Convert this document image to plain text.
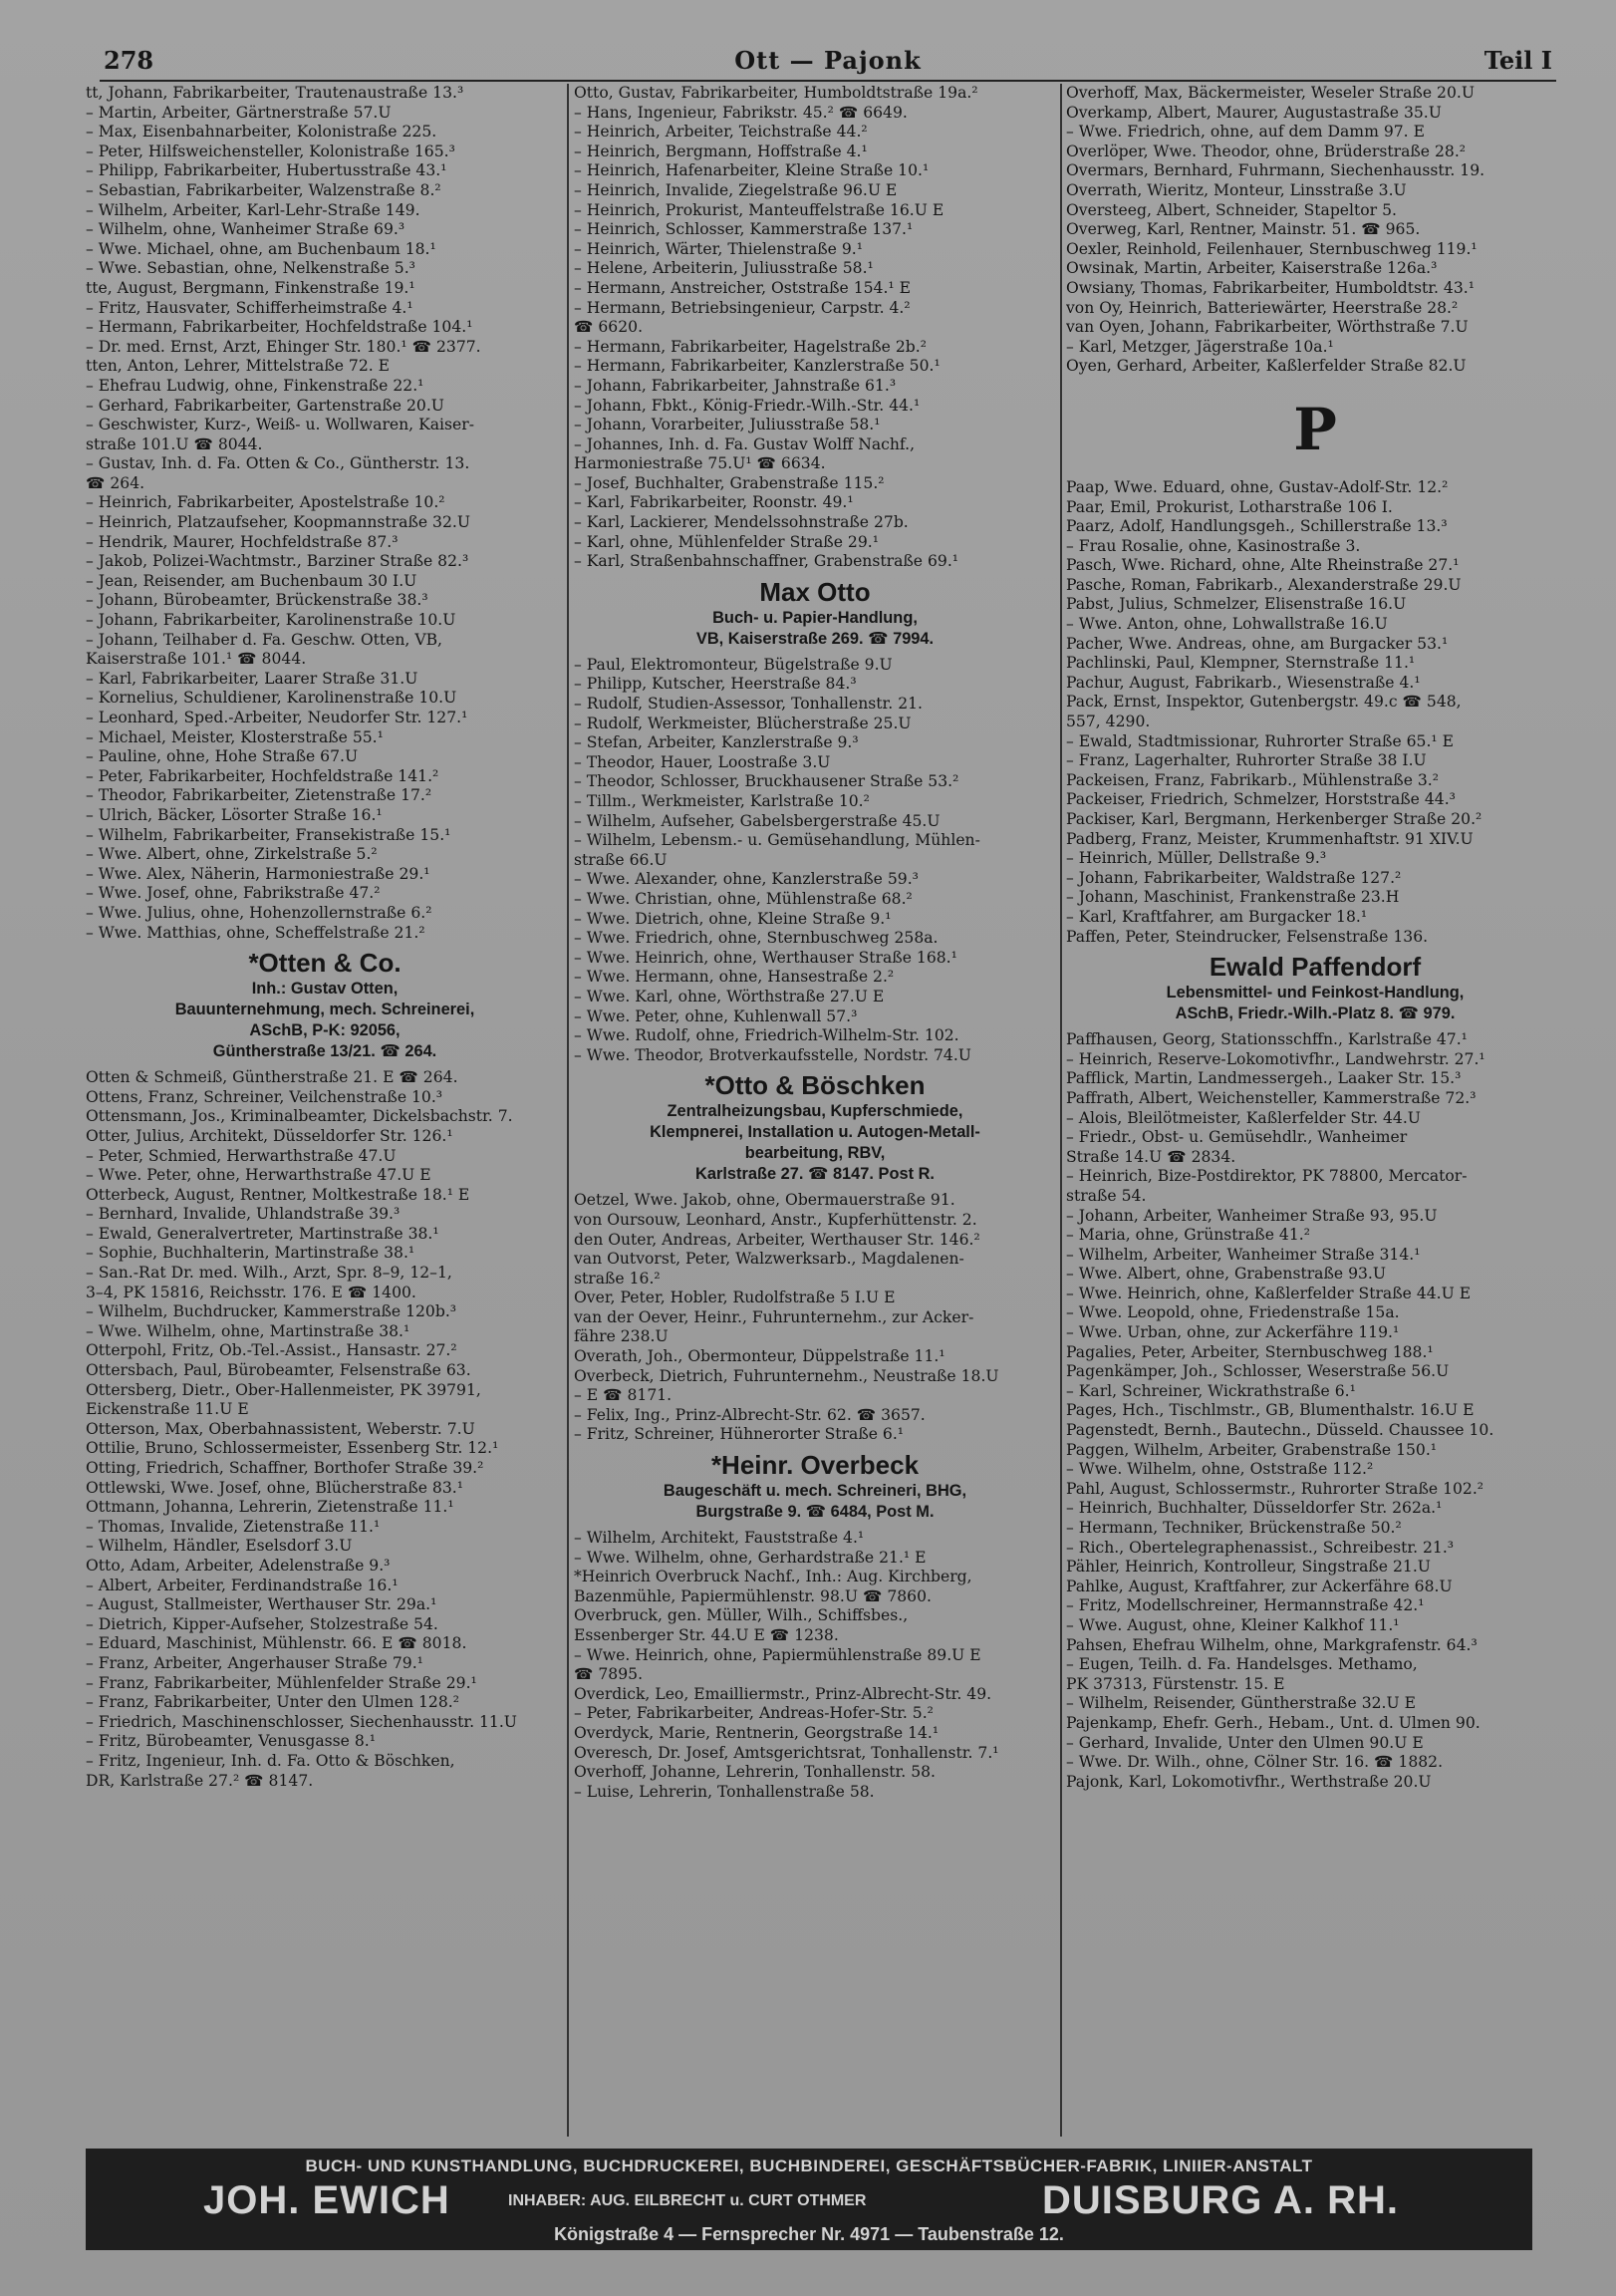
278	Ott — Pajonk	Teil I
tt, Johann, Fabrikarbeiter, Trautenaustraße 13.³
– Martin, Arbeiter, Gärtnerstraße 57.U
– Max, Eisenbahnarbeiter, Kolonistraße 225.
– Peter, Hilfsweichensteller, Kolonistraße 165.³
– Philipp, Fabrikarbeiter, Hubertusstraße 43.¹
– Sebastian, Fabrikarbeiter, Walzenstraße 8.²
– Wilhelm, Arbeiter, Karl-Lehr-Straße 149.
– Wilhelm, ohne, Wanheimer Straße 69.³
– Wwe. Michael, ohne, am Buchenbaum 18.¹
– Wwe. Sebastian, ohne, Nelkenstraße 5.³
tte, August, Bergmann, Finkenstraße 19.¹
– Fritz, Hausvater, Schifferheimstraße 4.¹
– Hermann, Fabrikarbeiter, Hochfeldstraße 104.¹
– Dr. med. Ernst, Arzt, Ehinger Str. 180.¹ ☎ 2377.
tten, Anton, Lehrer, Mittelstraße 72. E
– Ehefrau Ludwig, ohne, Finkenstraße 22.¹
– Gerhard, Fabrikarbeiter, Gartenstraße 20.U
– Geschwister, Kurz-, Weiß- u. Wollwaren, Kaiser-
straße 101.U ☎ 8044.
– Gustav, Inh. d. Fa. Otten & Co., Güntherstr. 13.
☎ 264.
– Heinrich, Fabrikarbeiter, Apostelstraße 10.²
– Heinrich, Platzaufseher, Koopmannstraße 32.U
– Hendrik, Maurer, Hochfeldstraße 87.³
– Jakob, Polizei-Wachtmstr., Barziner Straße 82.³
– Jean, Reisender, am Buchenbaum 30 I.U
– Johann, Bürobeamter, Brückenstraße 38.³
– Johann, Fabrikarbeiter, Karolinenstraße 10.U
– Johann, Teilhaber d. Fa. Geschw. Otten, VB,
Kaiserstraße 101.¹ ☎ 8044.
– Karl, Fabrikarbeiter, Laarer Straße 31.U
– Kornelius, Schuldiener, Karolinenstraße 10.U
– Leonhard, Sped.-Arbeiter, Neudorfer Str. 127.¹
– Michael, Meister, Klosterstraße 55.¹
– Pauline, ohne, Hohe Straße 67.U
– Peter, Fabrikarbeiter, Hochfeldstraße 141.²
– Theodor, Fabrikarbeiter, Zietenstraße 17.²
– Ulrich, Bäcker, Lösorter Straße 16.¹
– Wilhelm, Fabrikarbeiter, Fransekistraße 15.¹
– Wwe. Albert, ohne, Zirkelstraße 5.²
– Wwe. Alex, Näherin, Harmoniestraße 29.¹
– Wwe. Josef, ohne, Fabrikstraße 47.²
– Wwe. Julius, ohne, Hohenzollernstraße 6.²
– Wwe. Matthias, ohne, Scheffelstraße 21.²
*Otten & Co.
Inh.: Gustav Otten,
Bauunternehmung, mech. Schreinerei,
ASchB, P-K: 92056,
Güntherstraße 13/21. ☎ 264.
Otten & Schmeiß, Güntherstraße 21. E ☎ 264.
Ottens, Franz, Schreiner, Veilchenstraße 10.³
Ottensmann, Jos., Kriminalbeamter, Dickelsbachstr. 7.
Otter, Julius, Architekt, Düsseldorfer Str. 126.¹
– Peter, Schmied, Herwarthstraße 47.U
– Wwe. Peter, ohne, Herwarthstraße 47.U E
Otterbeck, August, Rentner, Moltkestraße 18.¹ E
– Bernhard, Invalide, Uhlandstraße 39.³
– Ewald, Generalvertreter, Martinstraße 38.¹
– Sophie, Buchhalterin, Martinstraße 38.¹
– San.-Rat Dr. med. Wilh., Arzt, Spr. 8–9, 12–1,
3–4, PK 15816, Reichsstr. 176. E ☎ 1400.
– Wilhelm, Buchdrucker, Kammerstraße 120b.³
– Wwe. Wilhelm, ohne, Martinstraße 38.¹
Otterpohl, Fritz, Ob.-Tel.-Assist., Hansastr. 27.²
Ottersbach, Paul, Bürobeamter, Felsenstraße 63.
Ottersberg, Dietr., Ober-Hallenmeister, PK 39791,
Eickenstraße 11.U E
Otterson, Max, Oberbahnassistent, Weberstr. 7.U
Ottilie, Bruno, Schlossermeister, Essenberg Str. 12.¹
Otting, Friedrich, Schaffner, Borthofer Straße 39.²
Ottlewski, Wwe. Josef, ohne, Blücherstraße 83.¹
Ottmann, Johanna, Lehrerin, Zietenstraße 11.¹
– Thomas, Invalide, Zietenstraße 11.¹
– Wilhelm, Händler, Eselsdorf 3.U
Otto, Adam, Arbeiter, Adelenstraße 9.³
– Albert, Arbeiter, Ferdinandstraße 16.¹
– August, Stallmeister, Werthauser Str. 29a.¹
– Dietrich, Kipper-Aufseher, Stolzestraße 54.
– Eduard, Maschinist, Mühlenstr. 66. E ☎ 8018.
– Franz, Arbeiter, Angerhauser Straße 79.¹
– Franz, Fabrikarbeiter, Mühlenfelder Straße 29.¹
– Franz, Fabrikarbeiter, Unter den Ulmen 128.²
– Friedrich, Maschinenschlosser, Siechenhausstr. 11.U
– Fritz, Bürobeamter, Venusgasse 8.¹
– Fritz, Ingenieur, Inh. d. Fa. Otto & Böschken,
DR, Karlstraße 27.² ☎ 8147.
Otto, Gustav, Fabrikarbeiter, Humboldtstraße 19a.²
– Hans, Ingenieur, Fabrikstr. 45.² ☎ 6649.
– Heinrich, Arbeiter, Teichstraße 44.²
– Heinrich, Bergmann, Hoffstraße 4.¹
– Heinrich, Hafenarbeiter, Kleine Straße 10.¹
– Heinrich, Invalide, Ziegelstraße 96.U E
– Heinrich, Prokurist, Manteuffelstraße 16.U E
– Heinrich, Schlosser, Kammerstraße 137.¹
– Heinrich, Wärter, Thielenstraße 9.¹
– Helene, Arbeiterin, Juliusstraße 58.¹
– Hermann, Anstreicher, Oststraße 154.¹ E
– Hermann, Betriebsingenieur, Carpstr. 4.²
☎ 6620.
– Hermann, Fabrikarbeiter, Hagelstraße 2b.²
– Hermann, Fabrikarbeiter, Kanzlerstraße 50.¹
– Johann, Fabrikarbeiter, Jahnstraße 61.³
– Johann, Fbkt., König-Friedr.-Wilh.-Str. 44.¹
– Johann, Vorarbeiter, Juliusstraße 58.¹
– Johannes, Inh. d. Fa. Gustav Wolff Nachf.,
Harmoniestraße 75.U¹ ☎ 6634.
– Josef, Buchhalter, Grabenstraße 115.²
– Karl, Fabrikarbeiter, Roonstr. 49.¹
– Karl, Lackierer, Mendelssohnstraße 27b.
– Karl, ohne, Mühlenfelder Straße 29.¹
– Karl, Straßenbahnschaffner, Grabenstraße 69.¹
Max Otto
Buch- u. Papier-Handlung,
VB, Kaiserstraße 269. ☎ 7994.
– Paul, Elektromonteur, Bügelstraße 9.U
– Philipp, Kutscher, Heerstraße 84.³
– Rudolf, Studien-Assessor, Tonhallenstr. 21.
– Rudolf, Werkmeister, Blücherstraße 25.U
– Stefan, Arbeiter, Kanzlerstraße 9.³
– Theodor, Hauer, Loostraße 3.U
– Theodor, Schlosser, Bruckhausener Straße 53.²
– Tillm., Werkmeister, Karlstraße 10.²
– Wilhelm, Aufseher, Gabelsbergerstraße 45.U
– Wilhelm, Lebensm.- u. Gemüsehandlung, Mühlen-
straße 66.U
– Wwe. Alexander, ohne, Kanzlerstraße 59.³
– Wwe. Christian, ohne, Mühlenstraße 68.²
– Wwe. Dietrich, ohne, Kleine Straße 9.¹
– Wwe. Friedrich, ohne, Sternbuschweg 258a.
– Wwe. Heinrich, ohne, Werthauser Straße 168.¹
– Wwe. Hermann, ohne, Hansestraße 2.²
– Wwe. Karl, ohne, Wörthstraße 27.U E
– Wwe. Peter, ohne, Kuhlenwall 57.³
– Wwe. Rudolf, ohne, Friedrich-Wilhelm-Str. 102.
– Wwe. Theodor, Brotverkaufsstelle, Nordstr. 74.U
*Otto & Böschken
Zentralheizungsbau, Kupferschmiede,
Klempnerei, Installation u. Autogen-Metall-
bearbeitung, RBV,
Karlstraße 27. ☎ 8147. Post R.
Oetzel, Wwe. Jakob, ohne, Obermauerstraße 91.
von Oursouw, Leonhard, Anstr., Kupferhüttenstr. 2.
den Outer, Andreas, Arbeiter, Werthauser Str. 146.²
van Outvorst, Peter, Walzwerksarb., Magdalenen-
straße 16.²
Over, Peter, Hobler, Rudolfstraße 5 I.U E
van der Oever, Heinr., Fuhrunternehm., zur Acker-
fähre 238.U
Overath, Joh., Obermonteur, Düppelstraße 11.¹
Overbeck, Dietrich, Fuhrunternehm., Neustraße 18.U
– E ☎ 8171.
– Felix, Ing., Prinz-Albrecht-Str. 62. ☎ 3657.
– Fritz, Schreiner, Hühnerorter Straße 6.¹
*Heinr. Overbeck
Baugeschäft u. mech. Schreineri, BHG,
Burgstraße 9. ☎ 6484, Post M.
– Wilhelm, Architekt, Fauststraße 4.¹
– Wwe. Wilhelm, ohne, Gerhardstraße 21.¹ E
*Heinrich Overbruck Nachf., Inh.: Aug. Kirchberg,
Bazenmühle, Papiermühlenstr. 98.U ☎ 7860.
Overbruck, gen. Müller, Wilh., Schiffsbes.,
Essenberger Str. 44.U E ☎ 1238.
– Wwe. Heinrich, ohne, Papiermühlenstraße 89.U E
☎ 7895.
Overdick, Leo, Emailliermstr., Prinz-Albrecht-Str. 49.
– Peter, Fabrikarbeiter, Andreas-Hofer-Str. 5.²
Overdyck, Marie, Rentnerin, Georgstraße 14.¹
Overesch, Dr. Josef, Amtsgerichtsrat, Tonhallenstr. 7.¹
Overhoff, Johanne, Lehrerin, Tonhallenstr. 58.
– Luise, Lehrerin, Tonhallenstraße 58.
Overhoff, Max, Bäckermeister, Weseler Straße 20.U
Overkamp, Albert, Maurer, Augustastraße 35.U
– Wwe. Friedrich, ohne, auf dem Damm 97. E
Overlöper, Wwe. Theodor, ohne, Brüderstraße 28.²
Overmars, Bernhard, Fuhrmann, Siechenhausstr. 19.
Overrath, Wieritz, Monteur, Linsstraße 3.U
Oversteeg, Albert, Schneider, Stapeltor 5.
Overweg, Karl, Rentner, Mainstr. 51. ☎ 965.
Oexler, Reinhold, Feilenhauer, Sternbuschweg 119.¹
Owsinak, Martin, Arbeiter, Kaiserstraße 126a.³
Owsiany, Thomas, Fabrikarbeiter, Humboldtstr. 43.¹
von Oy, Heinrich, Batteriewärter, Heerstraße 28.²
van Oyen, Johann, Fabrikarbeiter, Wörthstraße 7.U
– Karl, Metzger, Jägerstraße 10a.¹
Oyen, Gerhard, Arbeiter, Kaßlerfelder Straße 82.U
P
Paap, Wwe. Eduard, ohne, Gustav-Adolf-Str. 12.²
Paar, Emil, Prokurist, Lotharstraße 106 I.
Paarz, Adolf, Handlungsgeh., Schillerstraße 13.³
– Frau Rosalie, ohne, Kasinostraße 3.
Pasch, Wwe. Richard, ohne, Alte Rheinstraße 27.¹
Pasche, Roman, Fabrikarb., Alexanderstraße 29.U
Pabst, Julius, Schmelzer, Elisenstraße 16.U
– Wwe. Anton, ohne, Lohwallstraße 16.U
Pacher, Wwe. Andreas, ohne, am Burgacker 53.¹
Pachlinski, Paul, Klempner, Sternstraße 11.¹
Pachur, August, Fabrikarb., Wiesenstraße 4.¹
Pack, Ernst, Inspektor, Gutenbergstr. 49.c ☎ 548,
557, 4290.
– Ewald, Stadtmissionar, Ruhrorter Straße 65.¹ E
– Franz, Lagerhalter, Ruhrorter Straße 38 I.U
Packeisen, Franz, Fabrikarb., Mühlenstraße 3.²
Packeiser, Friedrich, Schmelzer, Horststraße 44.³
Packiser, Karl, Bergmann, Herkenberger Straße 20.²
Padberg, Franz, Meister, Krummenhaftstr. 91 XIV.U
– Heinrich, Müller, Dellstraße 9.³
– Johann, Fabrikarbeiter, Waldstraße 127.²
– Johann, Maschinist, Frankenstraße 23.H
– Karl, Kraftfahrer, am Burgacker 18.¹
Paffen, Peter, Steindrucker, Felsenstraße 136.
Ewald Paffendorf
Lebensmittel- und Feinkost-Handlung,
ASchB, Friedr.-Wilh.-Platz 8. ☎ 979.
Paffhausen, Georg, Stationsschffn., Karlstraße 47.¹
– Heinrich, Reserve-Lokomotivfhr., Landwehrstr. 27.¹
Pafflick, Martin, Landmessergeh., Laaker Str. 15.³
Paffrath, Albert, Weichensteller, Kammerstraße 72.³
– Alois, Bleilötmeister, Kaßlerfelder Str. 44.U
– Friedr., Obst- u. Gemüsehdlr., Wanheimer
Straße 14.U ☎ 2834.
– Heinrich, Bize-Postdirektor, PK 78800, Mercator-
straße 54.
– Johann, Arbeiter, Wanheimer Straße 93, 95.U
– Maria, ohne, Grünstraße 41.²
– Wilhelm, Arbeiter, Wanheimer Straße 314.¹
– Wwe. Albert, ohne, Grabenstraße 93.U
– Wwe. Heinrich, ohne, Kaßlerfelder Straße 44.U E
– Wwe. Leopold, ohne, Friedenstraße 15a.
– Wwe. Urban, ohne, zur Ackerfähre 119.¹
Pagalies, Peter, Arbeiter, Sternbuschweg 188.¹
Pagenkämper, Joh., Schlosser, Weserstraße 56.U
– Karl, Schreiner, Wickrathstraße 6.¹
Pages, Hch., Tischlmstr., GB, Blumenthalstr. 16.U E
Pagenstedt, Bernh., Bautechn., Düsseld. Chaussee 10.
Paggen, Wilhelm, Arbeiter, Grabenstraße 150.¹
– Wwe. Wilhelm, ohne, Oststraße 112.²
Pahl, August, Schlossermstr., Ruhrorter Straße 102.²
– Heinrich, Buchhalter, Düsseldorfer Str. 262a.¹
– Hermann, Techniker, Brückenstraße 50.²
– Rich., Obertelegraphenassist., Schreibestr. 21.³
Pähler, Heinrich, Kontrolleur, Singstraße 21.U
Pahlke, August, Kraftfahrer, zur Ackerfähre 68.U
– Fritz, Modellschreiner, Hermannstraße 42.¹
– Wwe. August, ohne, Kleiner Kalkhof 11.¹
Pahsen, Ehefrau Wilhelm, ohne, Markgrafenstr. 64.³
– Eugen, Teilh. d. Fa. Handelsges. Methamo,
PK 37313, Fürstenstr. 15. E
– Wilhelm, Reisender, Güntherstraße 32.U E
Pajenkamp, Ehefr. Gerh., Hebam., Unt. d. Ulmen 90.
– Gerhard, Invalide, Unter den Ulmen 90.U E
– Wwe. Dr. Wilh., ohne, Cölner Str. 16. ☎ 1882.
Pajonk, Karl, Lokomotivfhr., Werthstraße 20.U
BUCH- UND KUNSTHANDLUNG, BUCHDRUCKEREI, BUCHBINDEREI, GESCHÄFTSBÜCHER-FABRIK, LINIIER-ANSTALT
JOH. EWICH	INHABER: AUG. EILBRECHT u. CURT OTHMER	DUISBURG A. RH.
Königstraße 4 — Fernsprecher Nr. 4971 — Taubenstraße 12.
